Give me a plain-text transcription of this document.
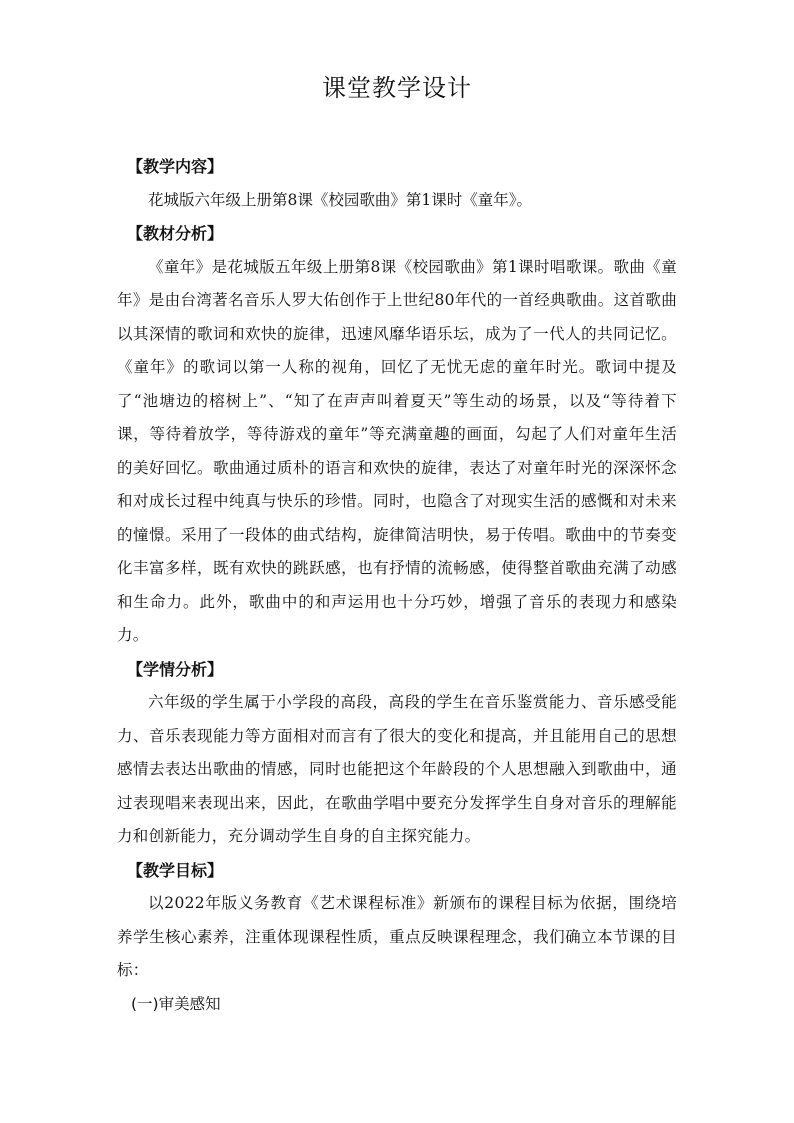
课堂教学设计

【教学内容】

花城版六年级上册第8课《校园歌曲》第1课时《童年》。

【教材分析】

《童年》是花城版五年级上册第8课《校园歌曲》第1课时唱歌课。歌曲《童年》是由台湾著名音乐人罗大佑创作于上世纪80年代的一首经典歌曲。这首歌曲以其深情的歌词和欢快的旋律，迅速风靡华语乐坛，成为了一代人的共同记忆。《童年》的歌词以第一人称的视角，回忆了无忧无虑的童年时光。歌词中提及了“池塘边的榕树上”、“知了在声声叫着夏天”等生动的场景，以及“等待着下课，等待着放学，等待游戏的童年”等充满童趣的画面，勾起了人们对童年生活的美好回忆。歌曲通过质朴的语言和欢快的旋律，表达了对童年时光的深深怀念和对成长过程中纯真与快乐的珍惜。同时，也隐含了对现实生活的感慨和对未来的憧憬。采用了一段体的曲式结构，旋律简洁明快，易于传唱。歌曲中的节奏变化丰富多样，既有欢快的跳跃感，也有抒情的流畅感，使得整首歌曲充满了动感和生命力。此外，歌曲中的和声运用也十分巧妙，增强了音乐的表现力和感染力。

【学情分析】

六年级的学生属于小学段的高段，高段的学生在音乐鉴赏能力、音乐感受能力、音乐表现能力等方面相对而言有了很大的变化和提高，并且能用自己的思想感情去表达出歌曲的情感，同时也能把这个年龄段的个人思想融入到歌曲中，通过表现唱来表现出来，因此，在歌曲学唱中要充分发挥学生自身对音乐的理解能力和创新能力，充分调动学生自身的自主探究能力。

【教学目标】

以2022年版义务教育《艺术课程标准》新颁布的课程目标为依据，围绕培养学生核心素养，注重体现课程性质，重点反映课程理念，我们确立本节课的目标：

(一)审美感知
